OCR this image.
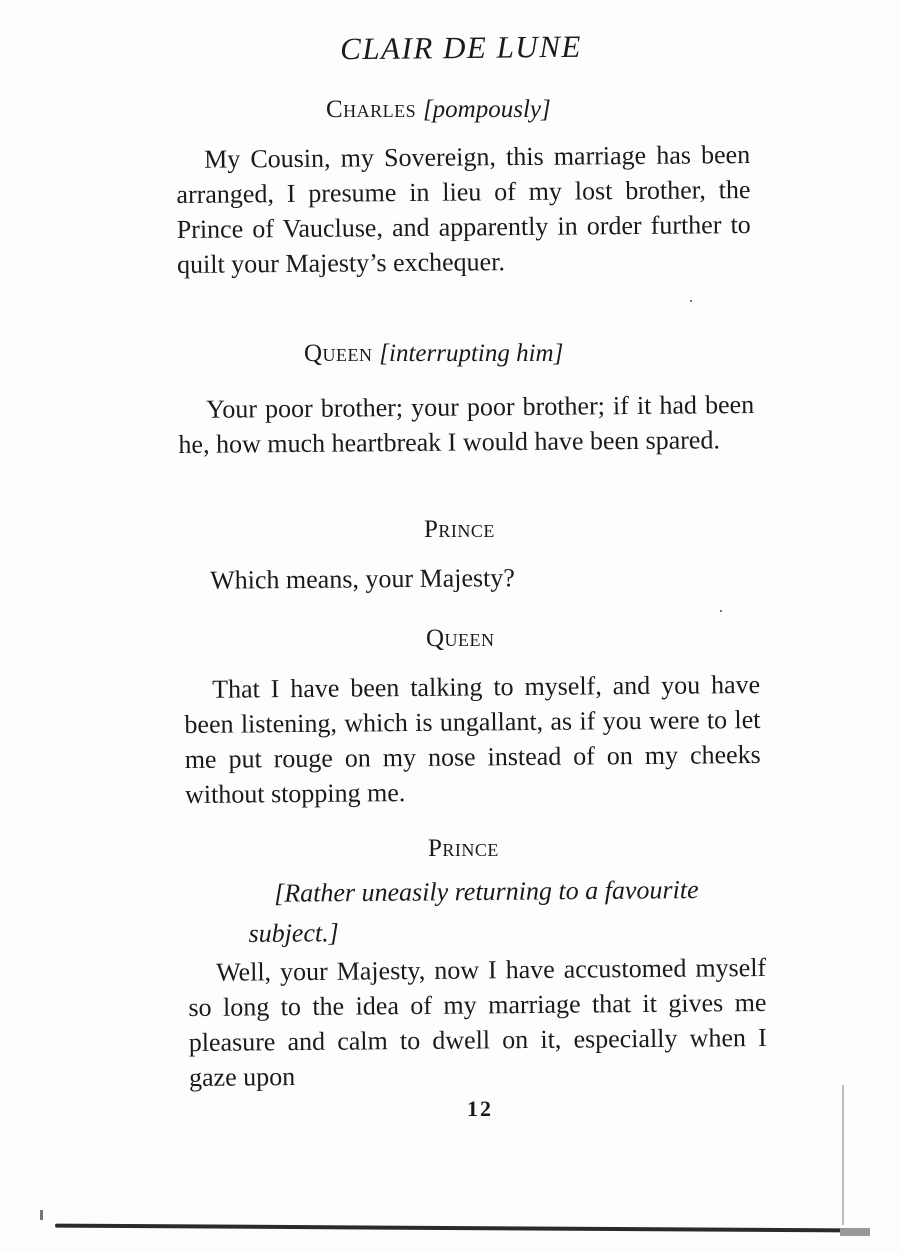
CLAIR DE LUNE
Charles [pompously]
My Cousin, my Sovereign, this marriage has been arranged, I presume in lieu of my lost brother, the Prince of Vaucluse, and apparently in order further to quilt your Majesty’s exchequer.
Queen [interrupting him]
Your poor brother; your poor brother; if it had been he, how much heartbreak I would have been spared.
Prince
Which means, your Majesty?
Queen
That I have been talking to myself, and you have been listening, which is ungallant, as if you were to let me put rouge on my nose instead of on my cheeks without stopping me.
Prince
[Rather uneasily returning to a favourite subject.]
Well, your Majesty, now I have accustomed myself so long to the idea of my marriage that it gives me pleasure and calm to dwell on it, especially when I gaze upon
12
